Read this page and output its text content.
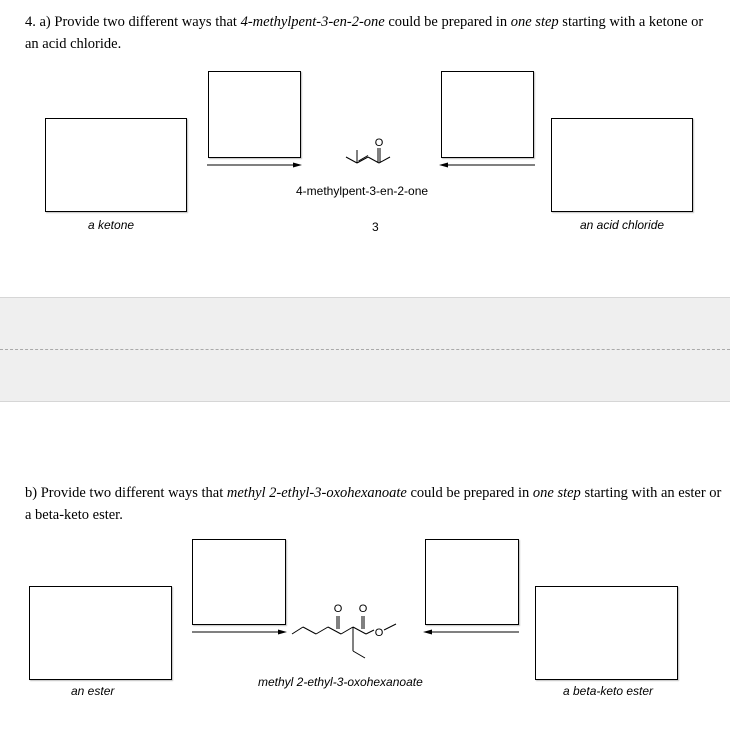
4. a) Provide two different ways that 4-methylpent-3-en-2-one could be prepared in one step starting with a ketone or an acid chloride.
O
a ketone
4-methylpent-3-en-2-one
3	an acid chloride
b) Provide two different ways that methyl 2-ethyl-3-oxohexanoate could be prepared in one step starting with an ester or a beta-keto ester.
O O
O
an ester
methyl 2-ethyl-3-oxohexanoate
a beta-keto ester
